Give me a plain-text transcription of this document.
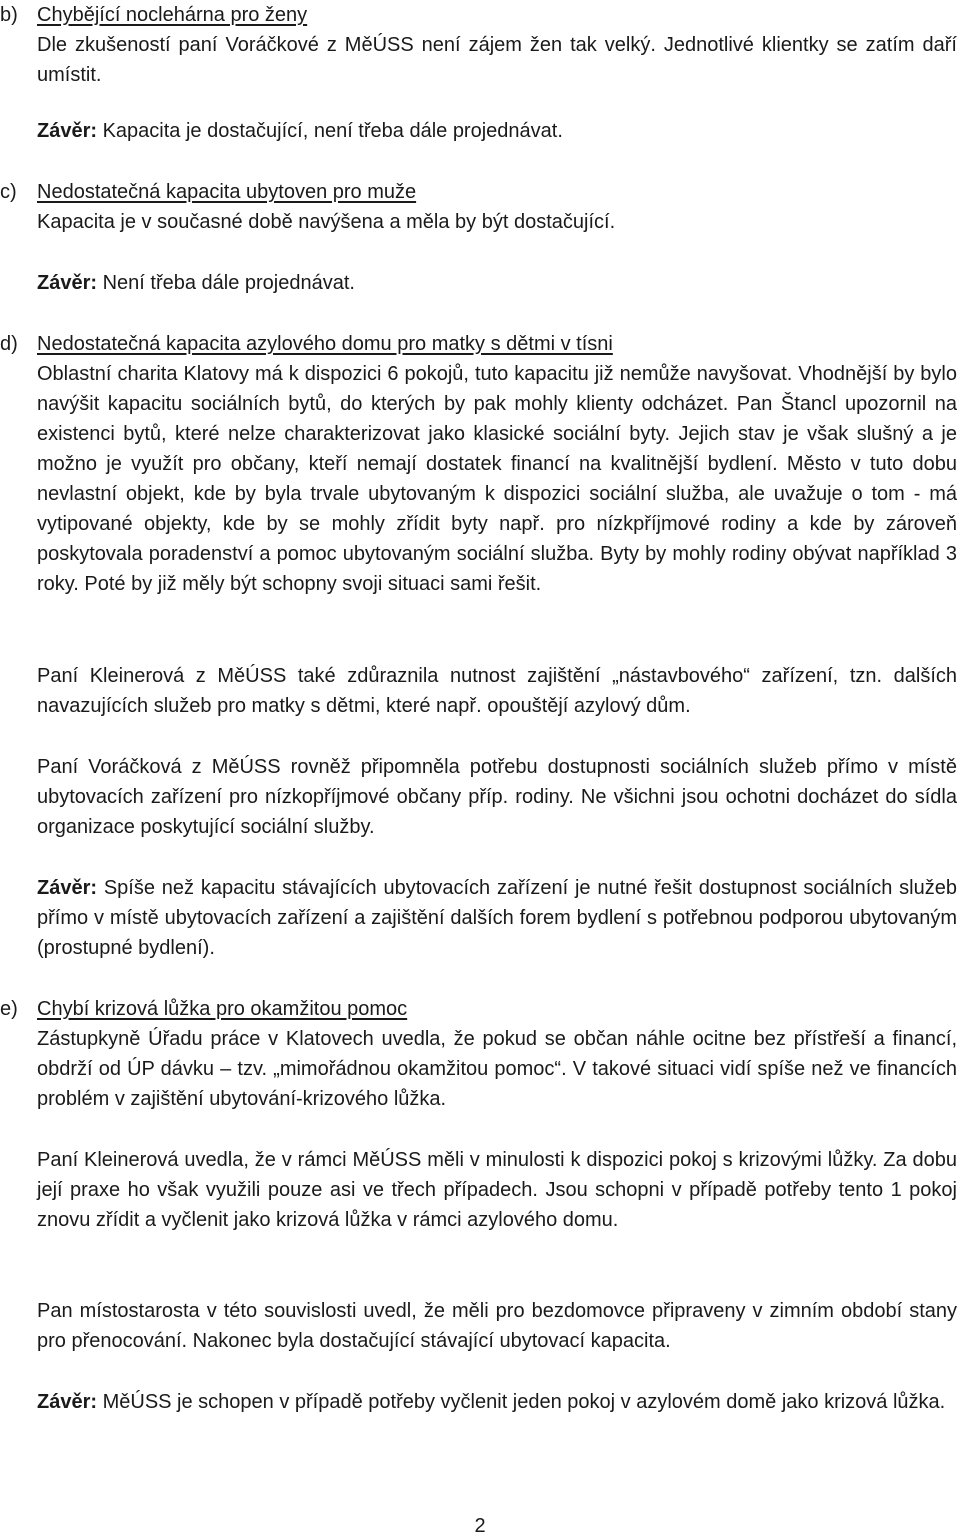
b) Chybějící noclehárna pro ženy

Dle zkušeností paní Voráčkové z MěÚSS není zájem žen tak velký. Jednotlivé klientky se zatím daří umístit.

Závěr: Kapacita je dostačující, není třeba dále projednávat.

c) Nedostatečná kapacita ubytoven pro muže

Kapacita je v současné době navýšena a měla by být dostačující.

Závěr: Není třeba dále projednávat.

d) Nedostatečná kapacita azylového domu pro matky s dětmi v tísni

Oblastní charita Klatovy má k dispozici 6 pokojů, tuto kapacitu již nemůže navyšovat. Vhodnější by bylo navýšit kapacitu sociálních bytů, do kterých by pak mohly klienty odcházet. Pan Štancl upozornil na existenci bytů, které nelze charakterizovat jako klasické sociální byty. Jejich stav je však slušný a je možno je využít pro občany, kteří nemají dostatek financí na kvalitnější bydlení. Město v tuto dobu nevlastní objekt, kde by byla trvale ubytovaným k dispozici sociální služba, ale uvažuje o tom - má vytipované objekty, kde by se mohly zřídit byty např. pro nízkpříjmové rodiny a kde by zároveň poskytovala poradenství a pomoc ubytovaným sociální služba. Byty by mohly rodiny obývat například 3 roky. Poté by již měly být schopny svoji situaci sami řešit.

Paní Kleinerová z MěÚSS také zdůraznila nutnost zajištění „nástavbového“ zařízení, tzn. dalších navazujících služeb pro matky s dětmi, které např. opouštějí azylový dům.

Paní Voráčková z MěÚSS rovněž připomněla potřebu dostupnosti sociálních služeb přímo v místě ubytovacích zařízení pro nízkopříjmové občany příp. rodiny. Ne všichni jsou ochotni docházet do sídla organizace poskytující sociální služby.

Závěr: Spíše než kapacitu stávajících ubytovacích zařízení je nutné řešit dostupnost sociálních služeb přímo v místě ubytovacích zařízení a zajištění dalších forem bydlení s potřebnou podporou ubytovaným (prostupné bydlení).

e) Chybí krizová lůžka pro okamžitou pomoc

Zástupkyně Úřadu práce v Klatovech uvedla, že pokud se občan náhle ocitne bez přístřeší a financí, obdrží od ÚP dávku – tzv. „mimořádnou okamžitou pomoc“. V takové situaci vidí spíše než ve financích problém v zajištění ubytování-krizového lůžka.

Paní Kleinerová uvedla, že v rámci MěÚSS měli v minulosti k dispozici pokoj s krizovými lůžky. Za dobu její praxe ho však využili pouze asi ve třech případech. Jsou schopni v případě potřeby tento 1 pokoj znovu zřídit a vyčlenit jako krizová lůžka v rámci azylového domu.

Pan místostarosta v této souvislosti uvedl, že měli pro bezdomovce připraveny v zimním období stany pro přenocování. Nakonec byla dostačující stávající ubytovací kapacita.

Závěr: MěÚSS je schopen v případě potřeby vyčlenit jeden pokoj v azylovém domě jako krizová lůžka.

2
